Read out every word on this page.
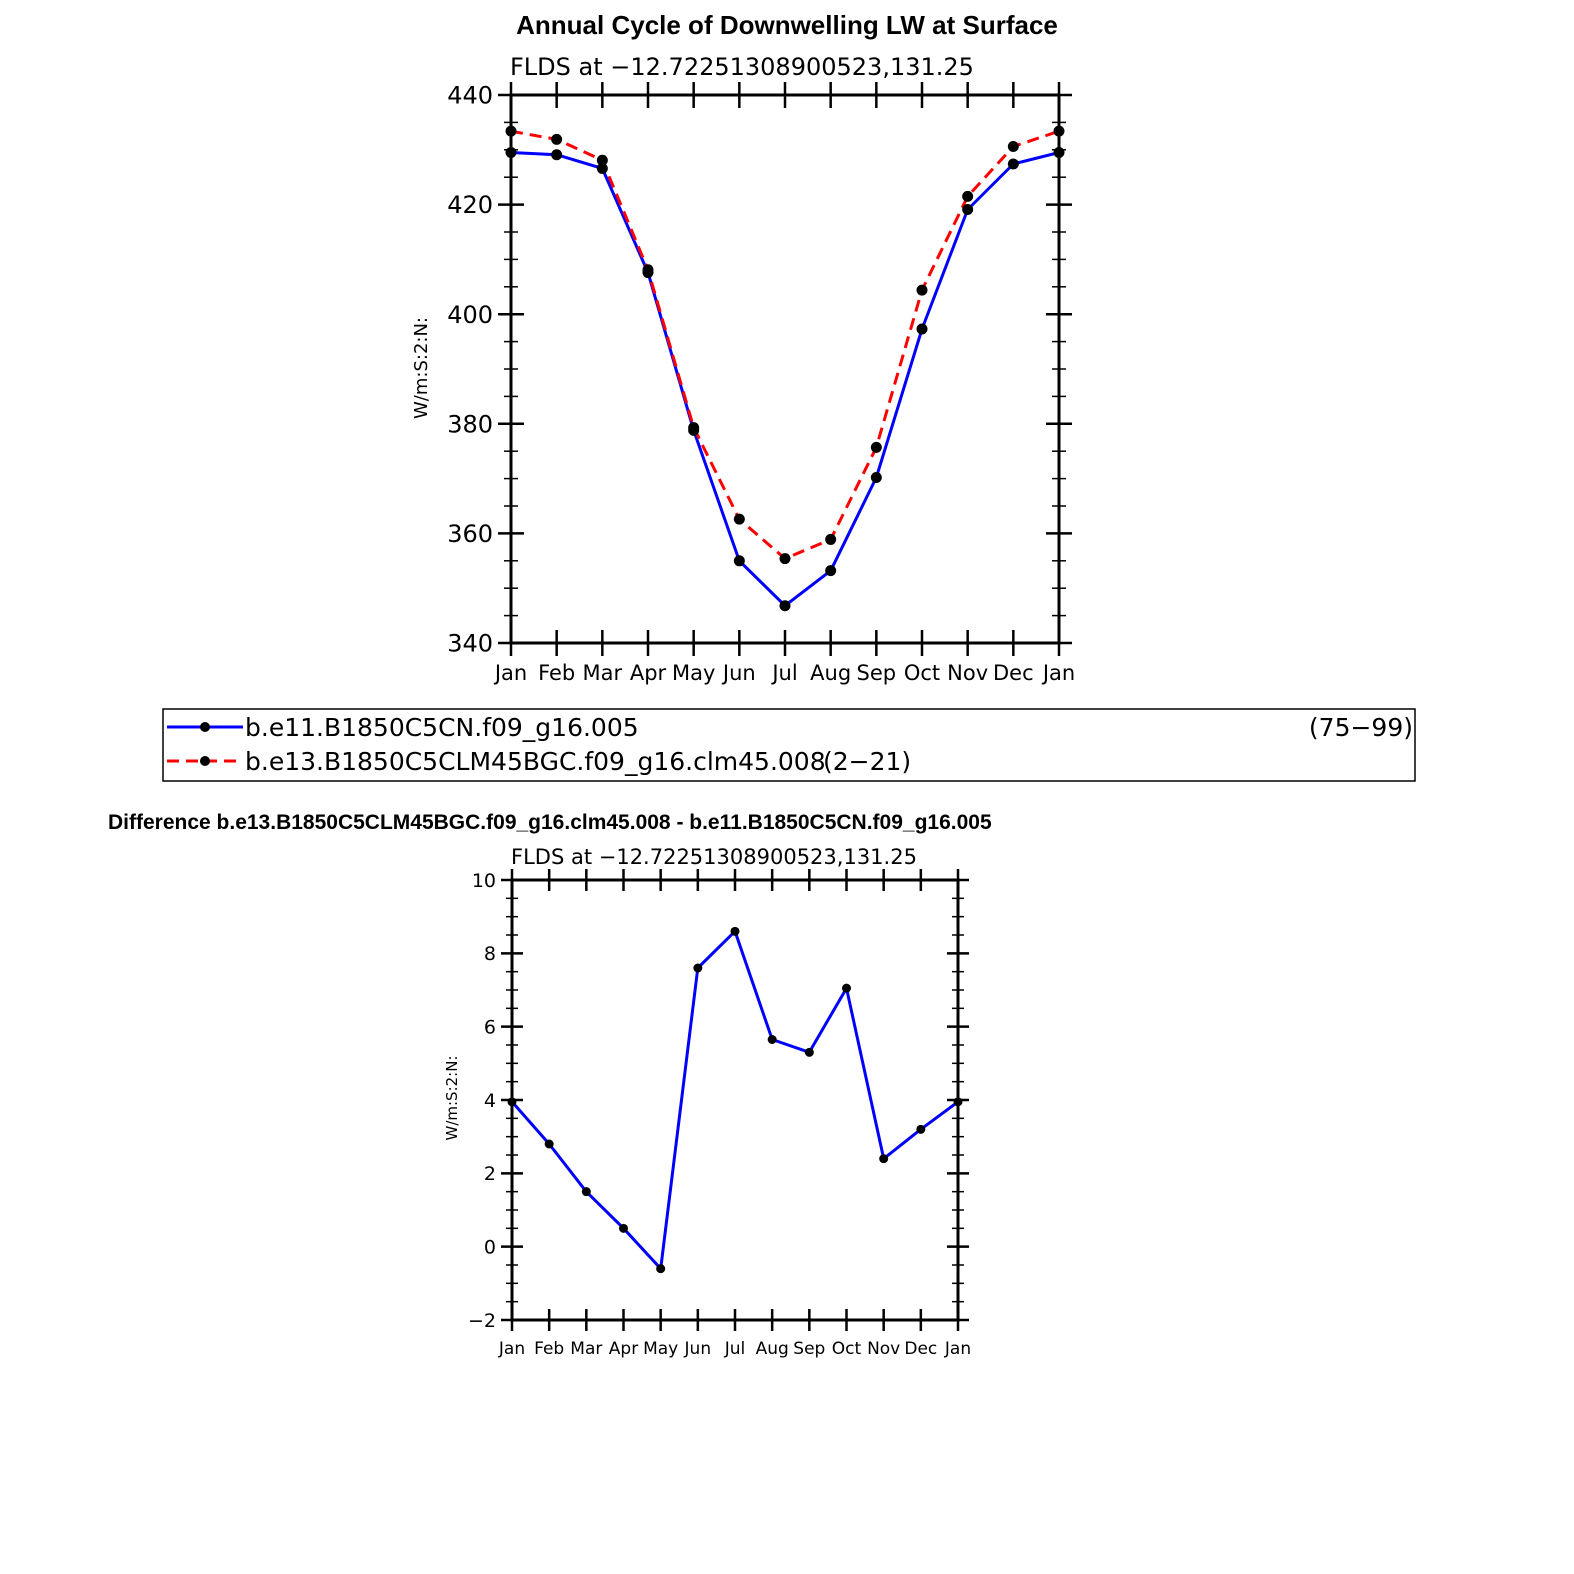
Annual Cycle of Downwelling LW at Surface
FLDS at −12.72251308900523,131.25
W/m:S:2:N:
340
360
380
400
420
440
Jan Feb Mar Apr May Jun Jul Aug Sep Oct Nov Dec Jan
b.e11.B1850C5CN.f09_g16.005	(75−99)
b.e13.B1850C5CLM45BGC.f09_g16.clm45.008
(2−21)
Difference b.e13.B1850C5CLM45BGC.f09_g16.clm45.008 - b.e11.B1850C5CN.f09_g16.005
FLDS at −12.72251308900523,131.25
W/m:S:2:N:
−2
0
2
4
6
8
10
Jan Feb Mar Apr May Jun Jul Aug Sep Oct Nov Dec Jan
